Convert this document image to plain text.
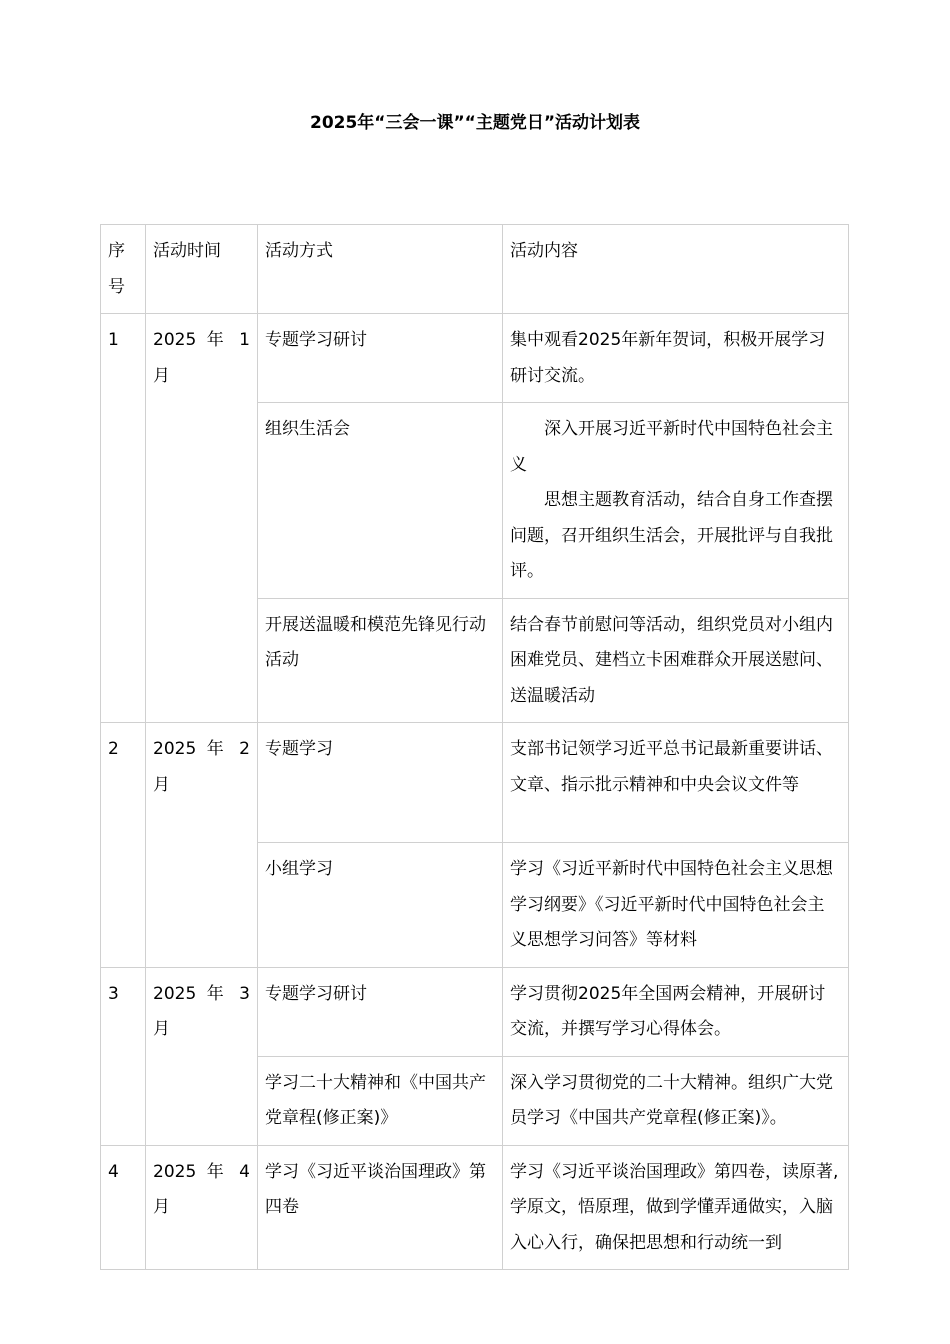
2025年“三会一课”“主题党日”活动计划表
序号	活动时间	活动方式	活动内容
1	2025 年 1 月	专题学习研讨	集中观看2025年新年贺词，积极开展学习研讨交流。

		组织生活会	深入开展习近平新时代中国特色社会主义
思想主题教育活动，结合自身工作查摆问题，召开组织生活会，开展批评与自我批评。

		开展送温暖和模范先锋见行动活动	结合春节前慰问等活动，组织党员对小组内困难党员、建档立卡困难群众开展送慰问、送温暖活动

2	2025 年 2 月	专题学习	支部书记领学习近平总书记最新重要讲话、文章、指示批示精神和中央会议文件等

		小组学习	学习《习近平新时代中国特色社会主义思想学习纲要》《习近平新时代中国特色社会主义思想学习问答》等材料

3	2025 年 3 月	专题学习研讨	学习贯彻2025年全国两会精神，开展研讨交流，并撰写学习心得体会。

		学习二十大精神和《中国共产党章程(修正案)》	深入学习贯彻党的二十大精神。组织广大党员学习《中国共产党章程(修正案)》。

4	2025 年 4 月	学习《习近平谈治国理政》第四卷	学习《习近平谈治国理政》第四卷，读原著,学原文，悟原理，做到学懂弄通做实，入脑入心入行，确保把思想和行动统一到
